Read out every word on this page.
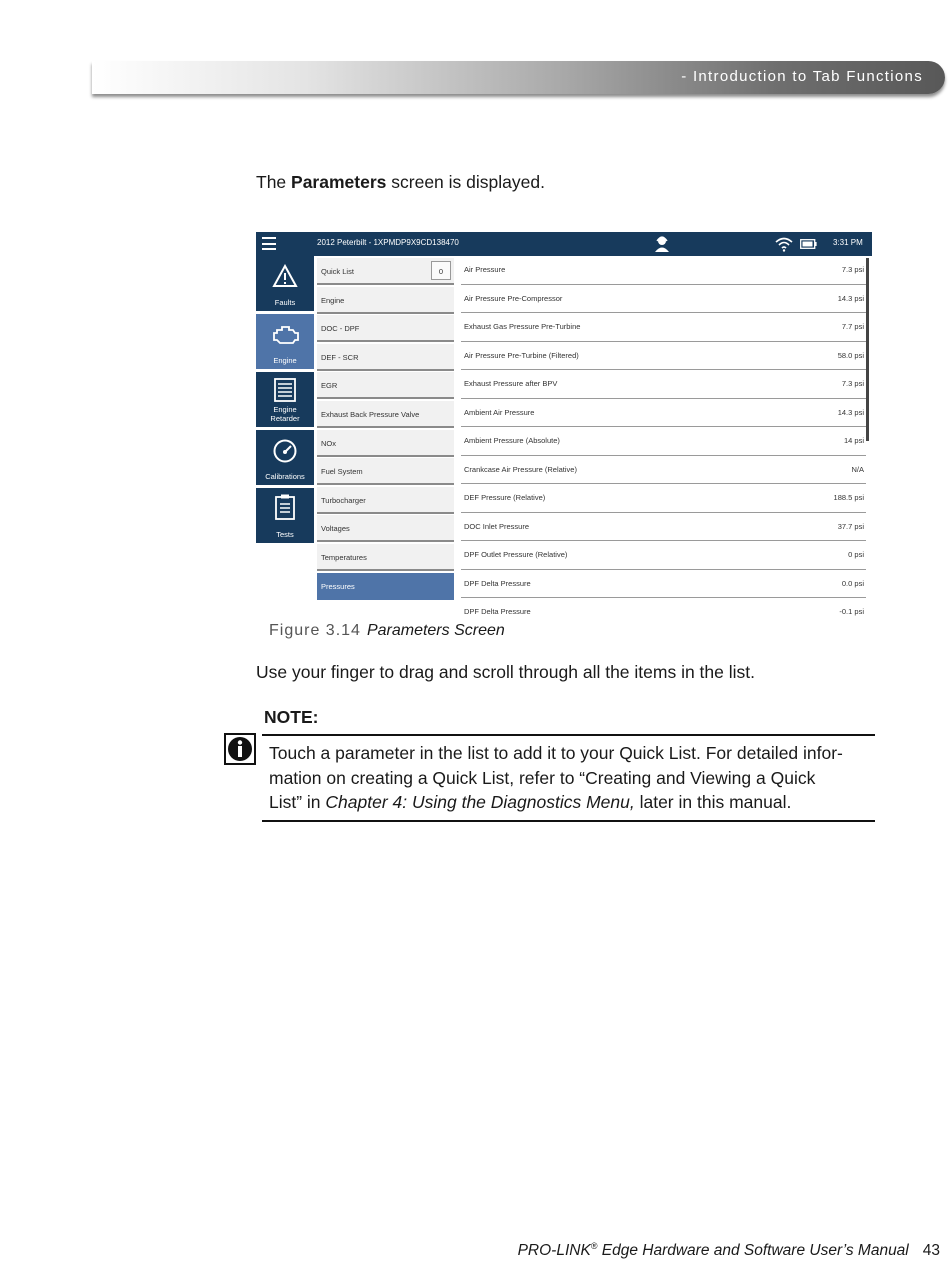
- Introduction to Tab Functions
The Parameters screen is displayed.
2012 Peterbilt - 1XPMDP9X9CD138470	3:31 PM
Faults
Engine
Engine
Retarder
Calibrations
Tests
Quick List	0
Engine
DOC - DPF
DEF - SCR
EGR
Exhaust Back Pressure Valve
NOx
Fuel System
Turbocharger
Voltages
Temperatures
Pressures
Air Pressure	7.3 psi
Air Pressure Pre-Compressor	14.3 psi
Exhaust Gas Pressure Pre-Turbine	7.7 psi
Air Pressure Pre-Turbine (Filtered)	58.0 psi
Exhaust Pressure after BPV	7.3 psi
Ambient Air Pressure	14.3 psi
Ambient Pressure (Absolute)	14 psi
Crankcase Air Pressure (Relative)	N/A
DEF Pressure (Relative)	188.5 psi
DOC Inlet Pressure	37.7 psi
DPF Outlet Pressure (Relative)	0 psi
DPF Delta Pressure	0.0 psi
DPF Delta Pressure	-0.1 psi
Figure 3.14 Parameters Screen
Use your finger to drag and scroll through all the items in the list.
NOTE:
Touch a parameter in the list to add it to your Quick List. For detailed infor-
mation on creating a Quick List, refer to “Creating and Viewing a Quick
List” in Chapter 4: Using the Diagnostics Menu, later in this manual.
PRO-LINK® Edge Hardware and Software User’s Manual 43
